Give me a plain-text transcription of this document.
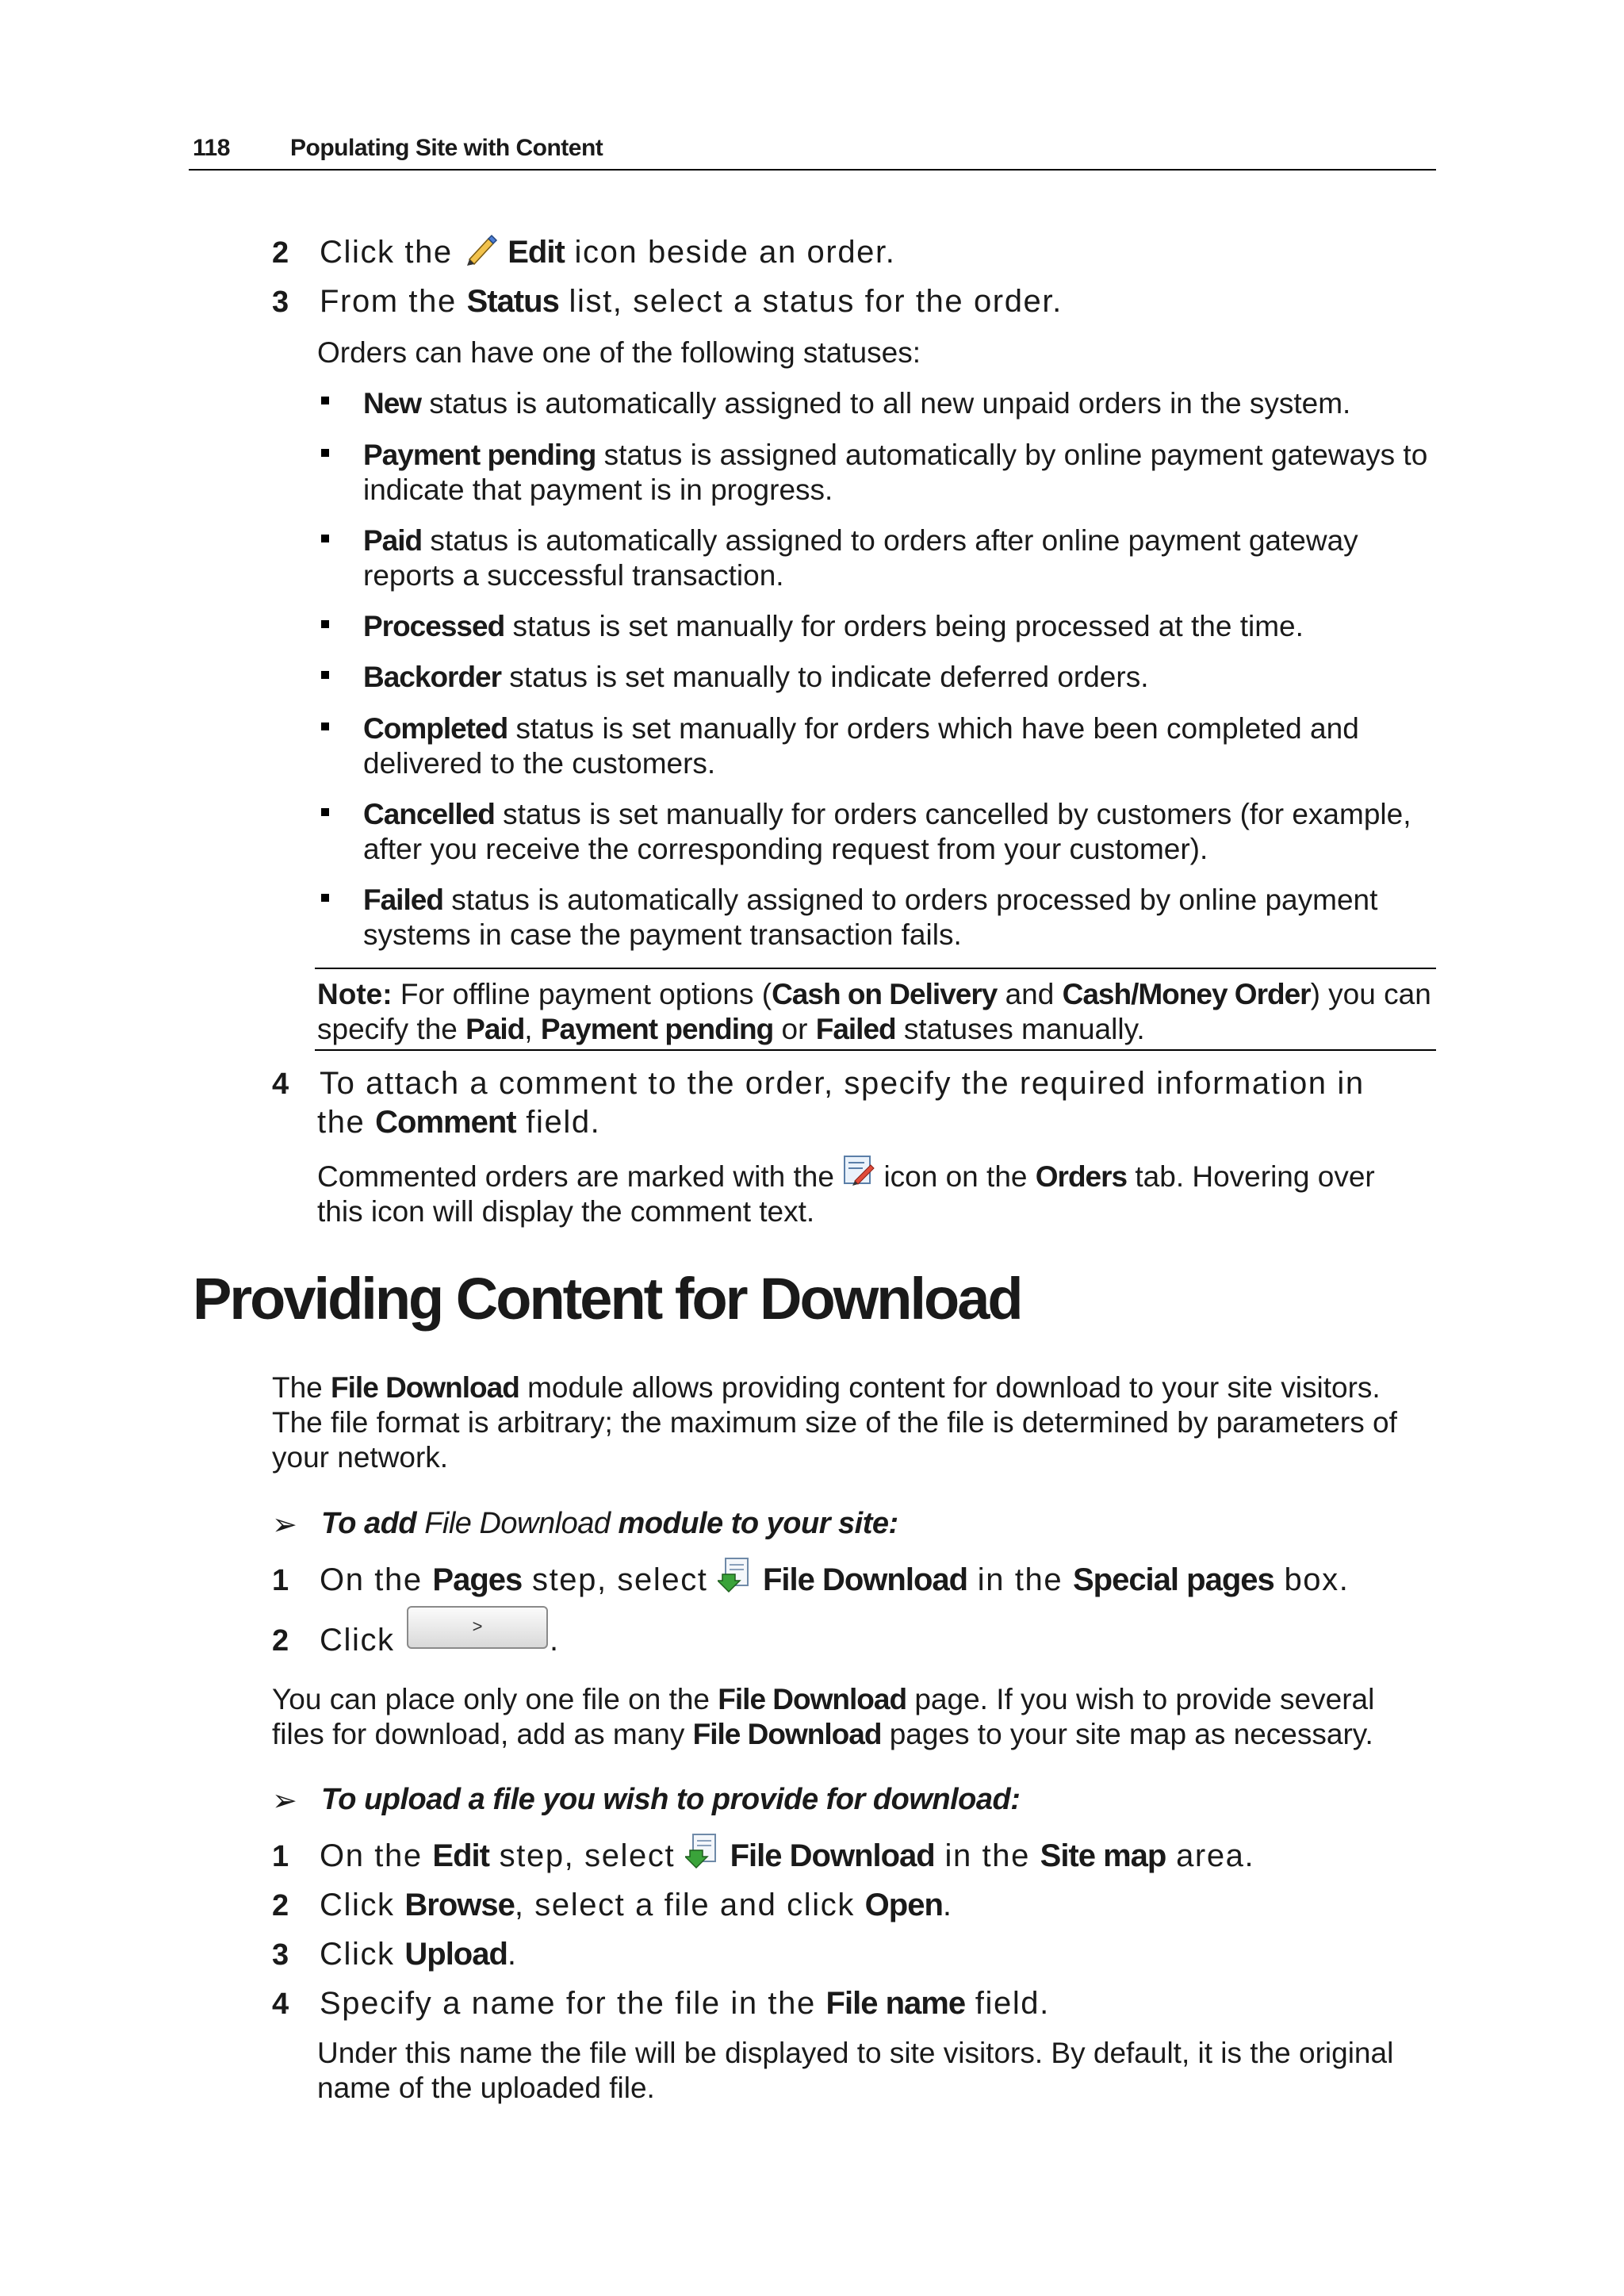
118	Populating Site with Content
2 Click the  Edit icon beside an order.
3 From the Status list, select a status for the order.
Orders can have one of the following statuses:
New status is automatically assigned to all new unpaid orders in the system.
Payment pending status is assigned automatically by online payment gateways to
indicate that payment is in progress.
Paid status is automatically assigned to orders after online payment gateway
reports a successful transaction.
Processed status is set manually for orders being processed at the time.
Backorder status is set manually to indicate deferred orders.
Completed status is set manually for orders which have been completed and
delivered to the customers.
Cancelled status is set manually for orders cancelled by customers (for example,
after you receive the corresponding request from your customer).
Failed status is automatically assigned to orders processed by online payment
systems in case the payment transaction fails.
Note: For offline payment options (Cash on Delivery and Cash/Money Order) you can
specify the Paid, Payment pending or Failed statuses manually.
4 To attach a comment to the order, specify the required information in
the Comment field.
Commented orders are marked with the  icon on the Orders tab. Hovering over
this icon will display the comment text.
Providing Content for Download
The File Download module allows providing content for download to your site visitors.
The file format is arbitrary; the maximum size of the file is determined by parameters of
your network.
➢ To add File Download module to your site:
1 On the Pages step, select  File Download in the Special pages box.
2 Click	>	.
You can place only one file on the File Download page. If you wish to provide several
files for download, add as many File Download pages to your site map as necessary.
➢ To upload a file you wish to provide for download:
1 On the Edit step, select  File Download in the Site map area.
2 Click Browse, select a file and click Open.
3 Click Upload.
4 Specify a name for the file in the File name field.
Under this name the file will be displayed to site visitors. By default, it is the original
name of the uploaded file.
